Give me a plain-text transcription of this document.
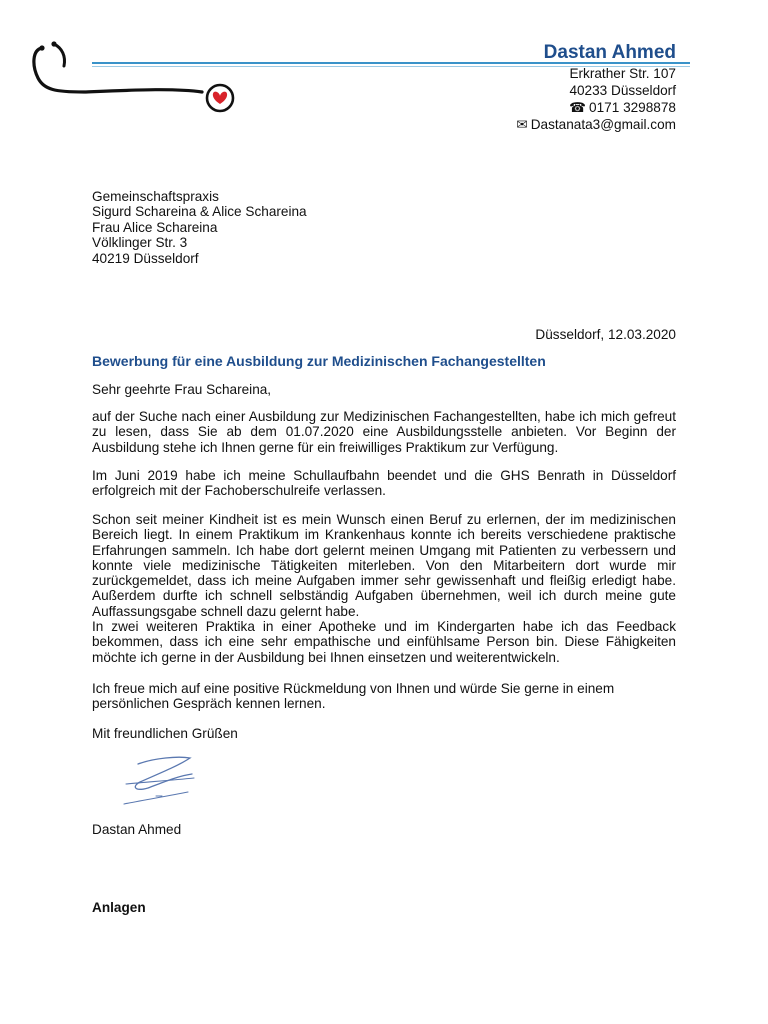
Dastan Ahmed
Erkrather Str. 107
40233 Düsseldorf
☎ 0171 3298878
✉ Dastanata3@gmail.com
Gemeinschaftspraxis
Sigurd Schareina & Alice Schareina
Frau Alice Schareina
Völklinger Str. 3
40219 Düsseldorf
Düsseldorf, 12.03.2020
Bewerbung für eine Ausbildung zur Medizinischen Fachangestellten
Sehr geehrte Frau Schareina,
auf der Suche nach einer Ausbildung zur Medizinischen Fachangestellten, habe ich mich gefreut zu lesen, dass Sie ab dem 01.07.2020 eine Ausbildungsstelle anbieten. Vor Beginn der Ausbildung stehe ich Ihnen gerne für ein freiwilliges Praktikum zur Verfügung.
Im Juni 2019 habe ich meine Schullaufbahn beendet und die GHS Benrath in Düsseldorf erfolgreich mit der Fachoberschulreife verlassen.
Schon seit meiner Kindheit ist es mein Wunsch einen Beruf zu erlernen, der im medizinischen Bereich liegt. In einem Praktikum im Krankenhaus konnte ich bereits verschiedene praktische Erfahrungen sammeln. Ich habe dort gelernt meinen Umgang mit Patienten zu verbessern und konnte viele medizinische Tätigkeiten miterleben. Von den Mitarbeitern dort wurde mir zurückgemeldet, dass ich meine Aufgaben immer sehr gewissenhaft und fleißig erledigt habe. Außerdem durfte ich schnell selbständig Aufgaben übernehmen, weil ich durch meine gute Auffassungsgabe schnell dazu gelernt habe.
In zwei weiteren Praktika in einer Apotheke und im Kindergarten habe ich das Feedback bekommen, dass ich eine sehr empathische und einfühlsame Person bin. Diese Fähigkeiten möchte ich gerne in der Ausbildung bei Ihnen einsetzen und weiterentwickeln.
Ich freue mich auf eine positive Rückmeldung von Ihnen und würde Sie gerne in einem persönlichen Gespräch kennen lernen.
Mit freundlichen Grüßen
Dastan Ahmed
Anlagen
